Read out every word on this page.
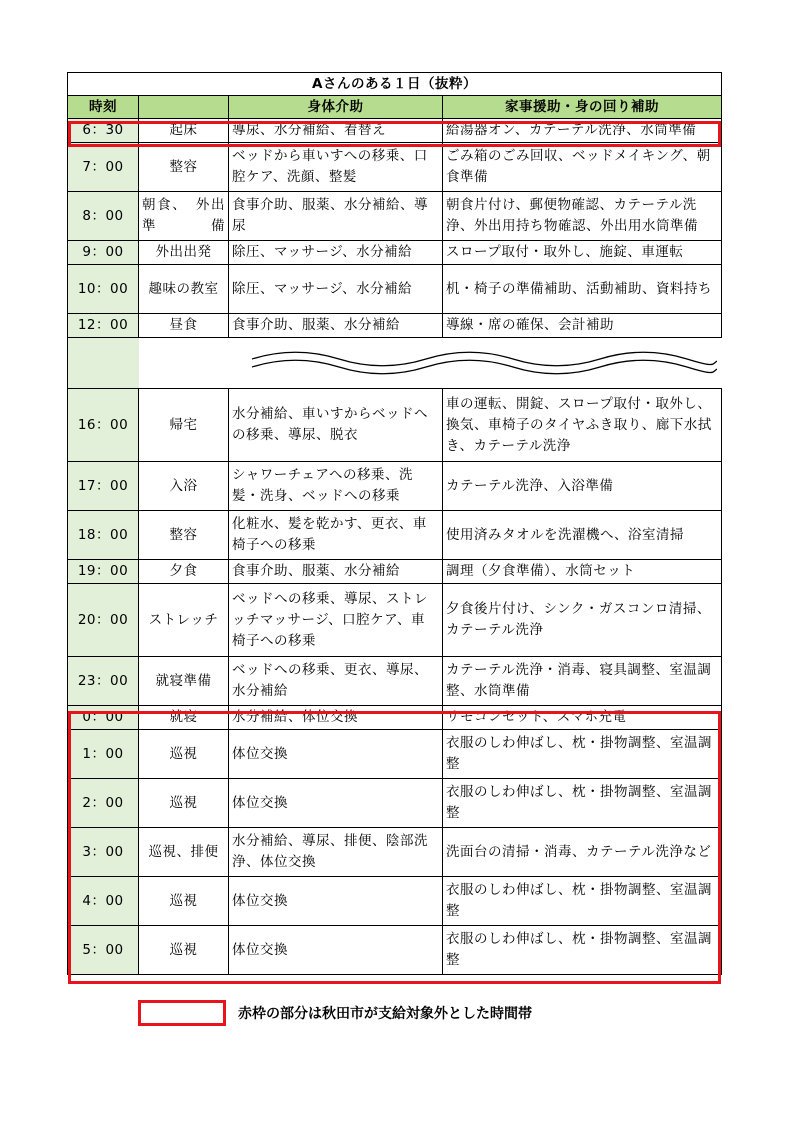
Aさんのある１日（抜粋）			
時刻		身体介助	家事援助・身の回り補助
6：30	起床	導尿、水分補給、着替え	給湯器オン、カテーテル洗浄、水筒準備
7：00	整容	ベッドから車いすへの移乗、口腔ケア、洗顔、整髪	ごみ箱のごみ回収、ベッドメイキング、朝食準備
8：00	朝食、　外出準備	食事介助、服薬、水分補給、導尿	朝食片付け、郵便物確認、カテーテル洗浄、外出用持ち物確認、外出用水筒準備
9：00	外出出発	除圧、マッサージ、水分補給	スロープ取付・取外し、施錠、車運転
10：00	趣味の教室	除圧、マッサージ、水分補給	机・椅子の準備補助、活動補助、資料持ち
12：00	昼食	食事介助、服薬、水分補給	導線・席の確保、会計補助
16：00	帰宅	水分補給、車いすからベッドへの移乗、導尿、脱衣	車の運転、開錠、スロープ取付・取外し、換気、車椅子のタイヤふき取り、廊下水拭き、カテーテル洗浄
17：00	入浴	シャワーチェアへの移乗、洗髪・洗身、ベッドへの移乗	カテーテル洗浄、入浴準備
18：00	整容	化粧水、髪を乾かす、更衣、車椅子への移乗	使用済みタオルを洗濯機へ、浴室清掃
19：00	夕食	食事介助、服薬、水分補給	調理（夕食準備）、水筒セット
20：00	ストレッチ	ベッドへの移乗、導尿、ストレッチマッサージ、口腔ケア、車椅子への移乗	夕食後片付け、シンク・ガスコンロ清掃、カテーテル洗浄
23：00	就寝準備	ベッドへの移乗、更衣、導尿、水分補給	カテーテル洗浄・消毒、寝具調整、室温調整、水筒準備
0：00	就寝	水分補給、体位交換	リモコンセット、スマホ充電
1：00	巡視	体位交換	衣服のしわ伸ばし、枕・掛物調整、室温調整
2：00	巡視	体位交換	衣服のしわ伸ばし、枕・掛物調整、室温調整
3：00	巡視、排便	水分補給、導尿、排便、陰部洗浄、体位交換	洗面台の清掃・消毒、カテーテル洗浄など
4：00	巡視	体位交換	衣服のしわ伸ばし、枕・掛物調整、室温調整
5：00	巡視	体位交換	衣服のしわ伸ばし、枕・掛物調整、室温調整
赤枠の部分は秋田市が支給対象外とした時間帯
